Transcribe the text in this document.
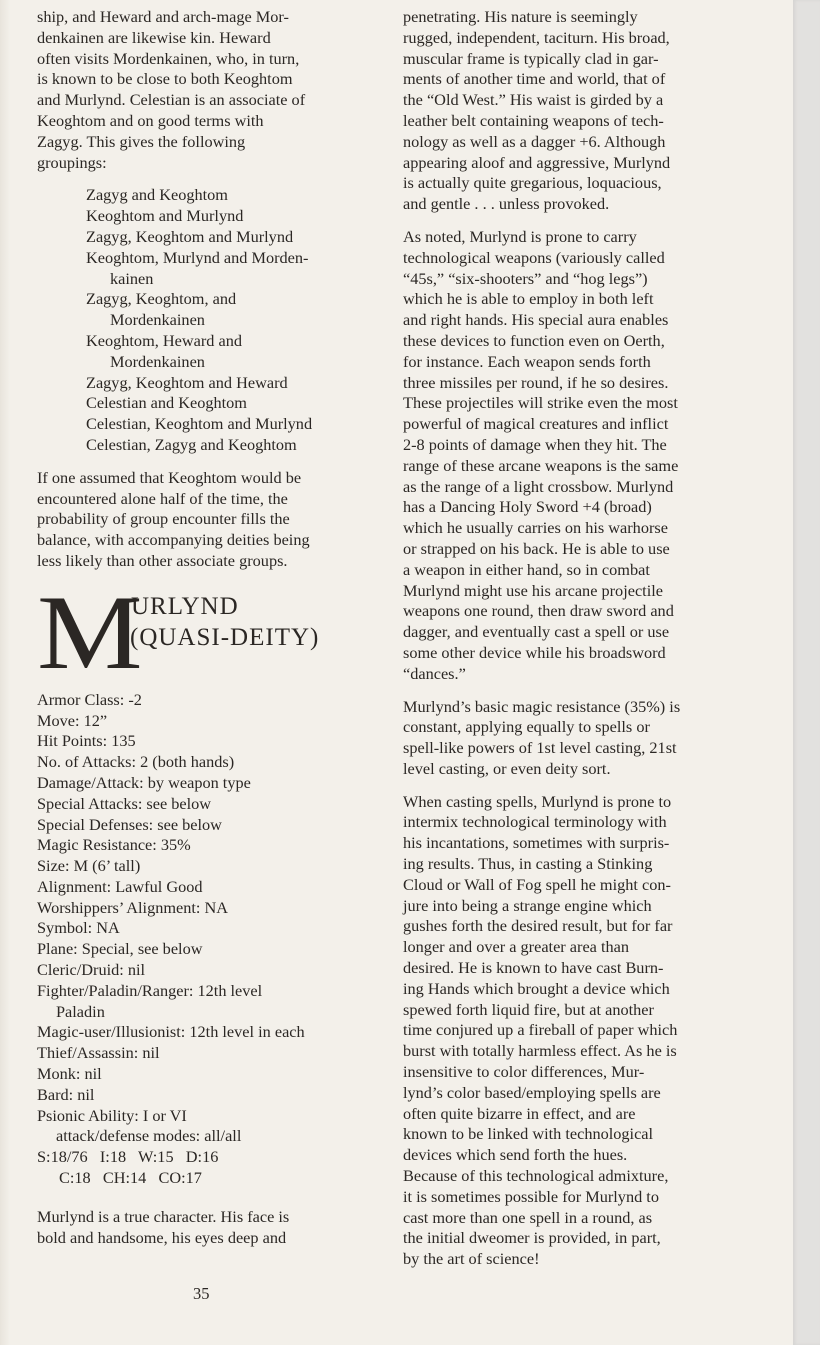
ship, and Heward and arch-mage Mor-
denkainen are likewise kin. Heward
often visits Mordenkainen, who, in turn,
is known to be close to both Keoghtom
and Murlynd. Celestian is an associate of
Keoghtom and on good terms with
Zagyg. This gives the following
groupings:
Zagyg and Keoghtom
Keoghtom and Murlynd
Zagyg, Keoghtom and Murlynd
Keoghtom, Murlynd and Morden-
kainen
Zagyg, Keoghtom, and
Mordenkainen
Keoghtom, Heward and
Mordenkainen
Zagyg, Keoghtom and Heward
Celestian and Keoghtom
Celestian, Keoghtom and Murlynd
Celestian, Zagyg and Keoghtom
If one assumed that Keoghtom would be
encountered alone half of the time, the
probability of group encounter fills the
balance, with accompanying deities being
less likely than other associate groups.
M
URLYND
(QUASI-DEITY)
Armor Class: -2
Move: 12”
Hit Points: 135
No. of Attacks: 2 (both hands)
Damage/Attack: by weapon type
Special Attacks: see below
Special Defenses: see below
Magic Resistance: 35%
Size: M (6’ tall)
Alignment: Lawful Good
Worshippers’ Alignment: NA
Symbol: NA
Plane: Special, see below
Cleric/Druid: nil
Fighter/Paladin/Ranger: 12th level
Paladin
Magic-user/Illusionist: 12th level in each
Thief/Assassin: nil
Monk: nil
Bard: nil
Psionic Ability: I or VI
attack/defense modes: all/all
S:18/76   I:18   W:15   D:16
C:18   CH:14   CO:17
Murlynd is a true character. His face is
bold and handsome, his eyes deep and
penetrating. His nature is seemingly
rugged, independent, taciturn. His broad,
muscular frame is typically clad in gar-
ments of another time and world, that of
the “Old West.” His waist is girded by a
leather belt containing weapons of tech-
nology as well as a dagger +6. Although
appearing aloof and aggressive, Murlynd
is actually quite gregarious, loquacious,
and gentle . . . unless provoked.
As noted, Murlynd is prone to carry
technological weapons (variously called
“45s,” “six-shooters” and “hog legs”)
which he is able to employ in both left
and right hands. His special aura enables
these devices to function even on Oerth,
for instance. Each weapon sends forth
three missiles per round, if he so desires.
These projectiles will strike even the most
powerful of magical creatures and inflict
2-8 points of damage when they hit. The
range of these arcane weapons is the same
as the range of a light crossbow. Murlynd
has a Dancing Holy Sword +4 (broad)
which he usually carries on his warhorse
or strapped on his back. He is able to use
a weapon in either hand, so in combat
Murlynd might use his arcane projectile
weapons one round, then draw sword and
dagger, and eventually cast a spell or use
some other device while his broadsword
“dances.”
Murlynd’s basic magic resistance (35%) is
constant, applying equally to spells or
spell-like powers of 1st level casting, 21st
level casting, or even deity sort.
When casting spells, Murlynd is prone to
intermix technological terminology with
his incantations, sometimes with surpris-
ing results. Thus, in casting a Stinking
Cloud or Wall of Fog spell he might con-
jure into being a strange engine which
gushes forth the desired result, but for far
longer and over a greater area than
desired. He is known to have cast Burn-
ing Hands which brought a device which
spewed forth liquid fire, but at another
time conjured up a fireball of paper which
burst with totally harmless effect. As he is
insensitive to color differences, Mur-
lynd’s color based/employing spells are
often quite bizarre in effect, and are
known to be linked with technological
devices which send forth the hues.
Because of this technological admixture,
it is sometimes possible for Murlynd to
cast more than one spell in a round, as
the initial dweomer is provided, in part,
by the art of science!
35
